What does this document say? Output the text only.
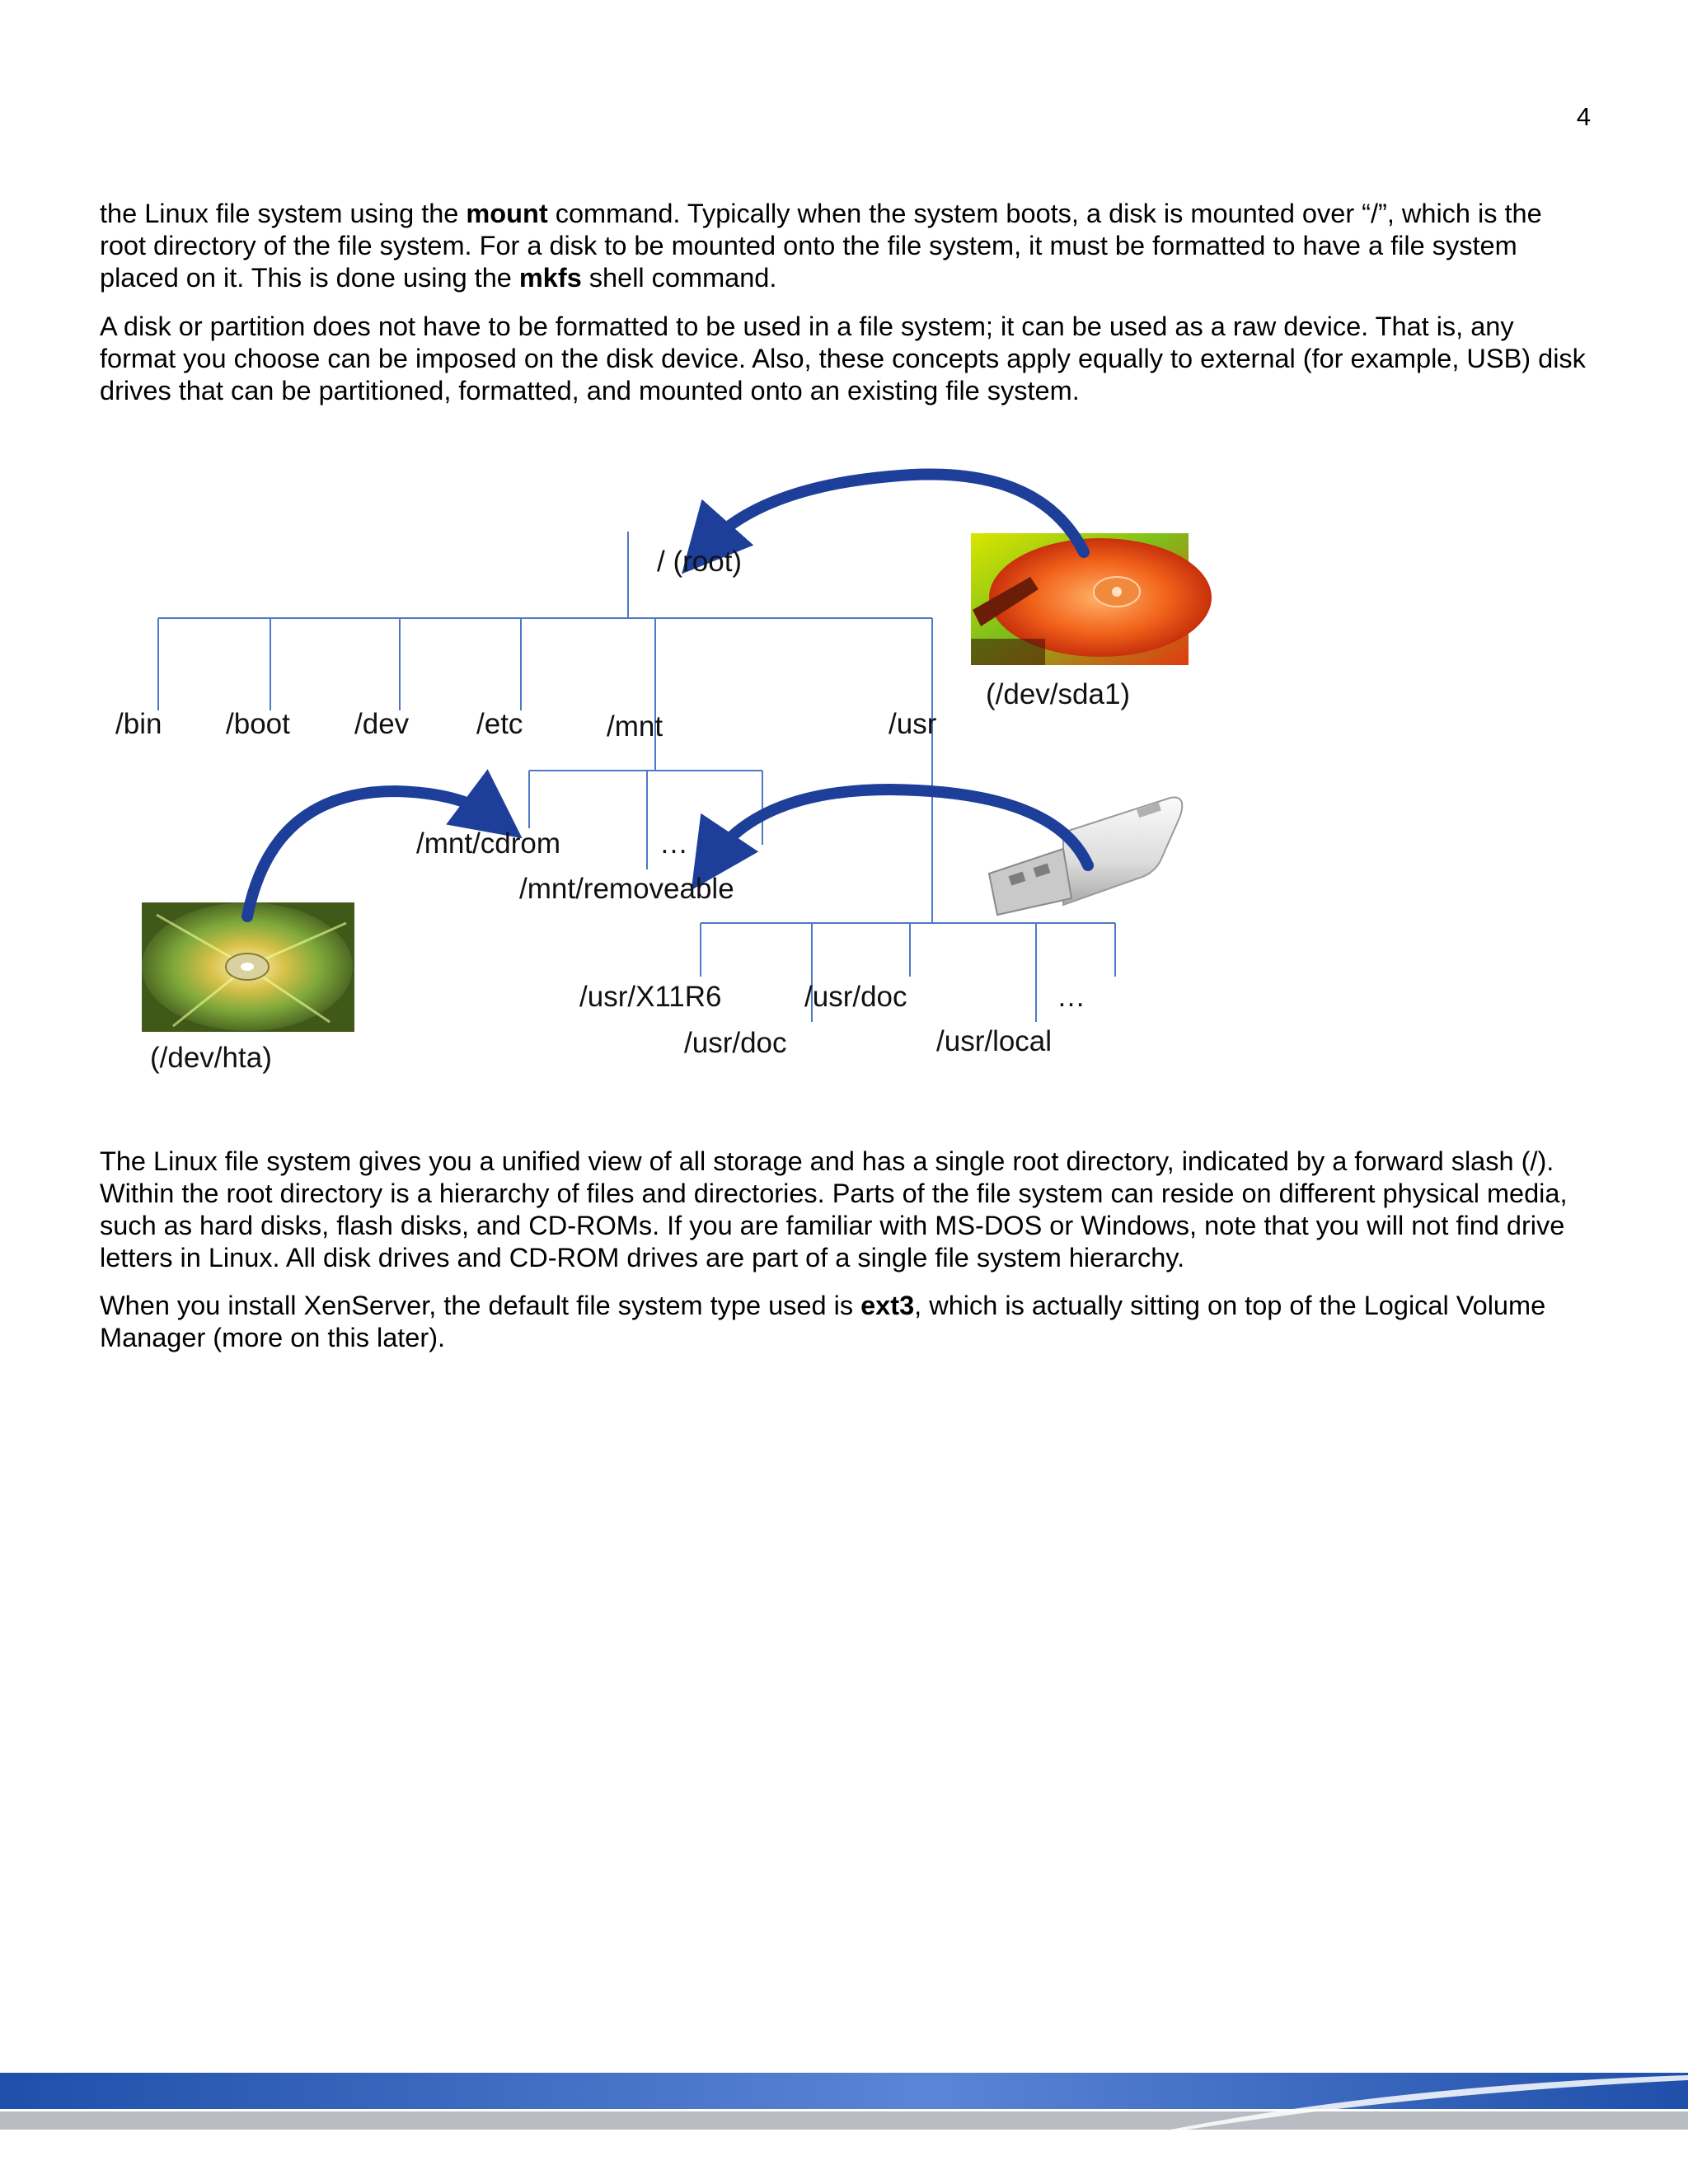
4

the Linux file system using the mount command. Typically when the system boots, a disk is mounted over “/”, which is the root directory of the file system. For a disk to be mounted onto the file system, it must be formatted to have a file system placed on it. This is done using the mkfs shell command.

A disk or partition does not have to be formatted to be used in a file system; it can be used as a raw device. That is, any format you choose can be imposed on the disk device. Also, these concepts apply equally to external (for example, USB) disk drives that can be partitioned, formatted, and mounted onto an existing file system.

/ (root)
(/dev/sda1)
/bin /boot /dev /etc	/mnt	/usr
/mnt/cdrom	…
/mnt/removeable
/usr/X11R6	/usr/doc
/usr/doc	/usr/local
…
(/dev/hta)

The Linux file system gives you a unified view of all storage and has a single root directory, indicated by a forward slash (/). Within the root directory is a hierarchy of files and directories. Parts of the file system can reside on different physical media, such as hard disks, flash disks, and CD-ROMs. If you are familiar with MS-DOS or Windows, note that you will not find drive letters in Linux. All disk drives and CD-ROM drives are part of a single file system hierarchy.

When you install XenServer, the default file system type used is ext3, which is actually sitting on top of the Logical Volume Manager (more on this later).
